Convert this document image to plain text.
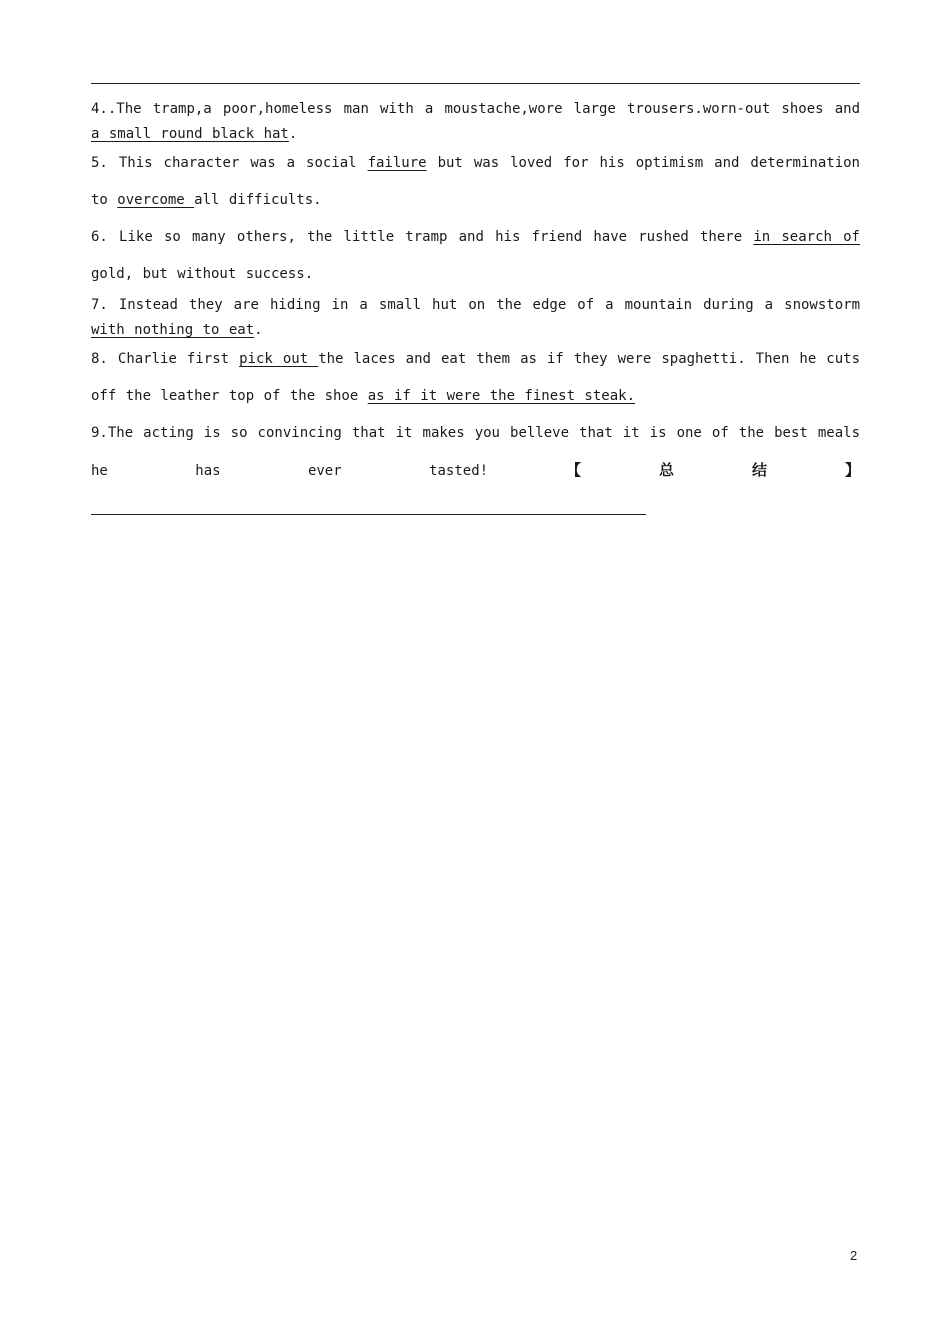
4..The tramp,a poor,homeless man with a moustache,wore large trousers.worn-out shoes and a small round black hat.

5. This character was a social failure but was loved for his optimism and determination to overcome all difficults.

6. Like so many others, the little tramp and his friend have rushed there in search of gold, but without success.

7. Instead they are hiding in a small hut on the edge of a mountain during a snowstorm with nothing to eat.

8. Charlie first pick out the laces and eat them as if they were spaghetti. Then he cuts off the leather top of the shoe as if it were the finest steak.

9.The acting is so convincing that it makes you belleve that it is one of the best meals he has ever tasted!【总结】

2
